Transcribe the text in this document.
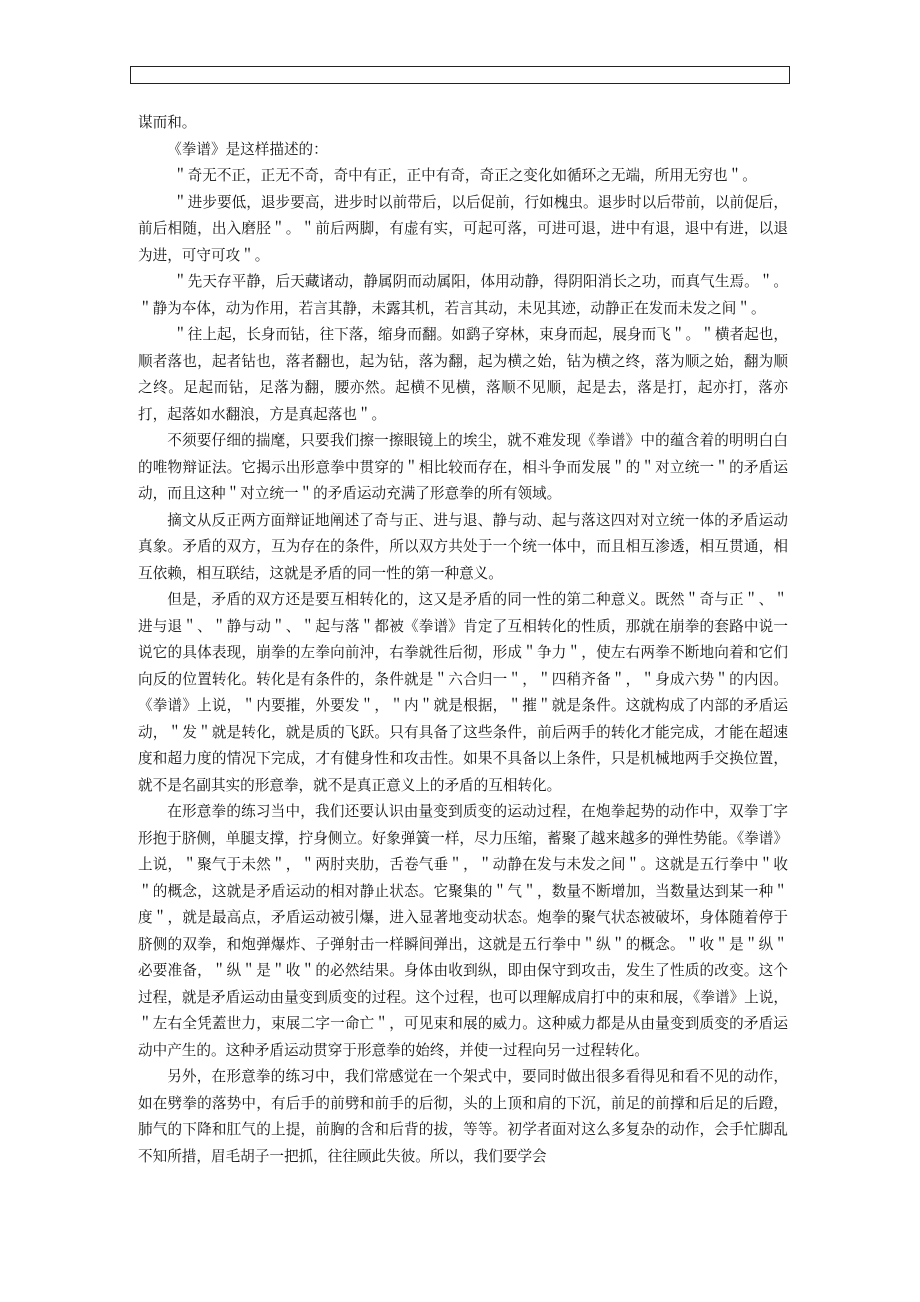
谋而和。

《拳谱》是这样描述的：

＂奇无不正，正无不奇，奇中有正，正中有奇，奇正之变化如循环之无端，所用无穷也＂。

＂进步要低，退步要高，进步时以前带后，以后促前，行如槐虫。退步时以后带前，以前促后，前后相随，出入磨胫＂。＂前后两脚，有虚有实，可起可落，可进可退，进中有退，退中有进，以退为进，可守可攻＂。

＂先天存平静，后天藏诸动，静属阴而动属阳，体用动静，得阴阳消长之功，而真气生焉。＂。＂静为夲体，动为作用，若言其静，未露其机，若言其动，未见其迹，动静正在发而未发之间＂。

＂往上起，长身而钻，往下落，缩身而翻。如鹞子穿林，束身而起，展身而飞＂。＂横者起也，顺者落也，起者钻也，落者翻也，起为钻，落为翻，起为横之始，钻为横之终，落为顺之始，翻为顺之终。足起而钻，足落为翻，腰亦然。起横不见横，落顺不见顺，起是去，落是打，起亦打，落亦打，起落如水翻浪，方是真起落也＂。

不须要仔细的揣麾，只要我们擦一擦眼镜上的埃尘，就不难发现《拳谱》中的蕴含着的明明白白的唯物辩证法。它揭示出形意拳中贯穿的＂相比较而存在，相斗争而发展＂的＂对立统一＂的矛盾运动，而且这种＂对立统一＂的矛盾运动充满了形意拳的所有领域。

摘文从反正两方面辩证地阐述了奇与正、进与退、静与动、起与落这四对对立统一体的矛盾运动真象。矛盾的双方，互为存在的条件，所以双方共处于一个统一体中，而且相互渗透，相互贯通，相互依赖，相互联结，这就是矛盾的同一性的第一种意义。

但是，矛盾的双方还是要互相转化的，这又是矛盾的同一性的第二种意义。既然＂奇与正＂、＂进与退＂、＂静与动＂、＂起与落＂都被《拳谱》肯定了互相转化的性质，那就在崩拳的套路中说一说它的具体表现，崩拳的左拳向前沖，右拳就徃后彻，形成＂争力＂，使左右两拳不断地向着和它们向反的位置转化。转化是有条件的，条件就是＂六合归一＂，＂四稍齐备＂，＂身成六势＂的内因。《拳谱》上说，＂内要摧，外要发＂，＂内＂就是根据，＂摧＂就是条件。这就构成了内部的矛盾运动，＂发＂就是转化，就是质的飞跃。只有具备了这些条件，前后两手的转化才能完成，才能在超速度和超力度的情况下完成，才有健身性和攻击性。如果不具备以上条件，只是机械地两手交换位置，就不是名副其实的形意拳，就不是真正意义上的矛盾的互相转化。

在形意拳的练习当中，我们还要认识由量变到质变的运动过程，在炮拳起势的动作中，双拳丁字形抱于脐侧，单腿支撑，拧身侧立。好象弹簧一样，尽力压缩，蓄聚了越来越多的弹性势能。《拳谱》上说，＂聚气于未然＂，＂两肘夹肋，舌卷气垂＂，＂动静在发与未发之间＂。这就是五行拳中＂收＂的概念，这就是矛盾运动的相对静止状态。它聚集的＂气＂，数量不断增加，当数量达到某一种＂度＂，就是最高点，矛盾运动被引爆，进入显著地变动状态。炮拳的聚气状态被破坏，身体随着停于脐侧的双拳，和炮弹爆炸、子弹射击一样瞬间弹出，这就是五行拳中＂纵＂的概念。＂收＂是＂纵＂必要准备，＂纵＂是＂收＂的必然结果。身体由收到纵，即由保守到攻击，发生了性质的改变。这个过程，就是矛盾运动由量变到质变的过程。这个过程，也可以理解成肩打中的束和展，《拳谱》上说，＂左右全凭蓋世力，束展二字一命亡＂，可见束和展的威力。这种威力都是从由量变到质变的矛盾运动中产生的。这种矛盾运动贯穿于形意拳的始终，并使一过程向另一过程转化。

另外，在形意拳的练习中，我们常感觉在一个架式中，要同时做出很多看得见和看不见的动作，如在劈拳的落势中，有后手的前劈和前手的后彻，头的上顶和肩的下沉，前足的前撑和后足的后蹬，肺气的下降和肛气的上提，前胸的含和后背的拔，等等。初学者面对这么多复杂的动作，会手忙脚乱不知所措，眉毛胡子一把抓，往往顾此失彼。所以，我们要学会
